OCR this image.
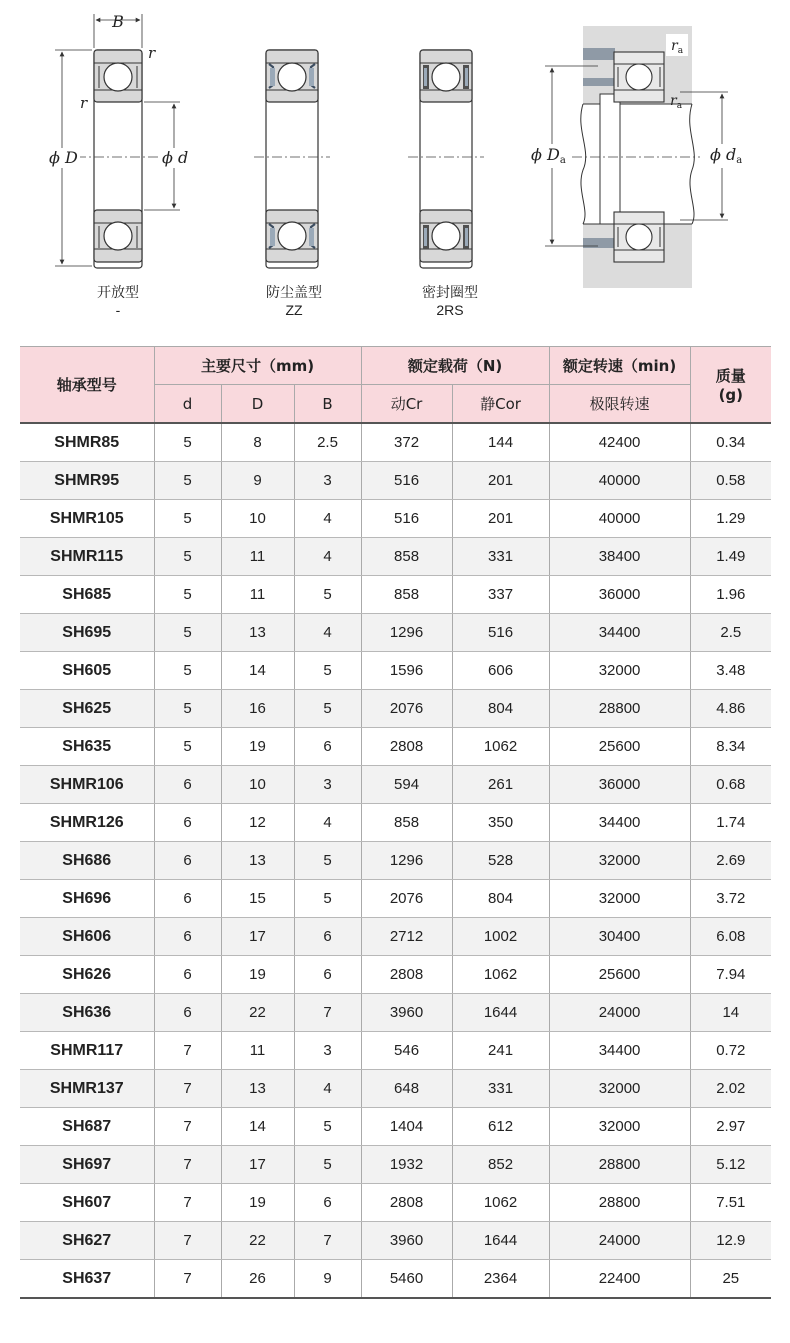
B
r
r
ϕ D	ϕ d
$r_a$
$r_a$
ϕ Da	ϕ da
开放型
-
防尘盖型
ZZ
密封圈型
2RS
轴承型号	主要尺寸（mm)			额定载荷（N)		额定转速（min)	质量
(g)
	d	D	B	动Cr	静Cor	极限转速	
SHMR85	5	8	2.5	372	144	42400	0.34
SHMR95	5	9	3	516	201	40000	0.58
SHMR105	5	10	4	516	201	40000	1.29
SHMR115	5	11	4	858	331	38400	1.49
SH685	5	11	5	858	337	36000	1.96
SH695	5	13	4	1296	516	34400	2.5
SH605	5	14	5	1596	606	32000	3.48
SH625	5	16	5	2076	804	28800	4.86
SH635	5	19	6	2808	1062	25600	8.34
SHMR106	6	10	3	594	261	36000	0.68
SHMR126	6	12	4	858	350	34400	1.74
SH686	6	13	5	1296	528	32000	2.69
SH696	6	15	5	2076	804	32000	3.72
SH606	6	17	6	2712	1002	30400	6.08
SH626	6	19	6	2808	1062	25600	7.94
SH636	6	22	7	3960	1644	24000	14
SHMR117	7	11	3	546	241	34400	0.72
SHMR137	7	13	4	648	331	32000	2.02
SH687	7	14	5	1404	612	32000	2.97
SH697	7	17	5	1932	852	28800	5.12
SH607	7	19	6	2808	1062	28800	7.51
SH627	7	22	7	3960	1644	24000	12.9
SH637	7	26	9	5460	2364	22400	25
